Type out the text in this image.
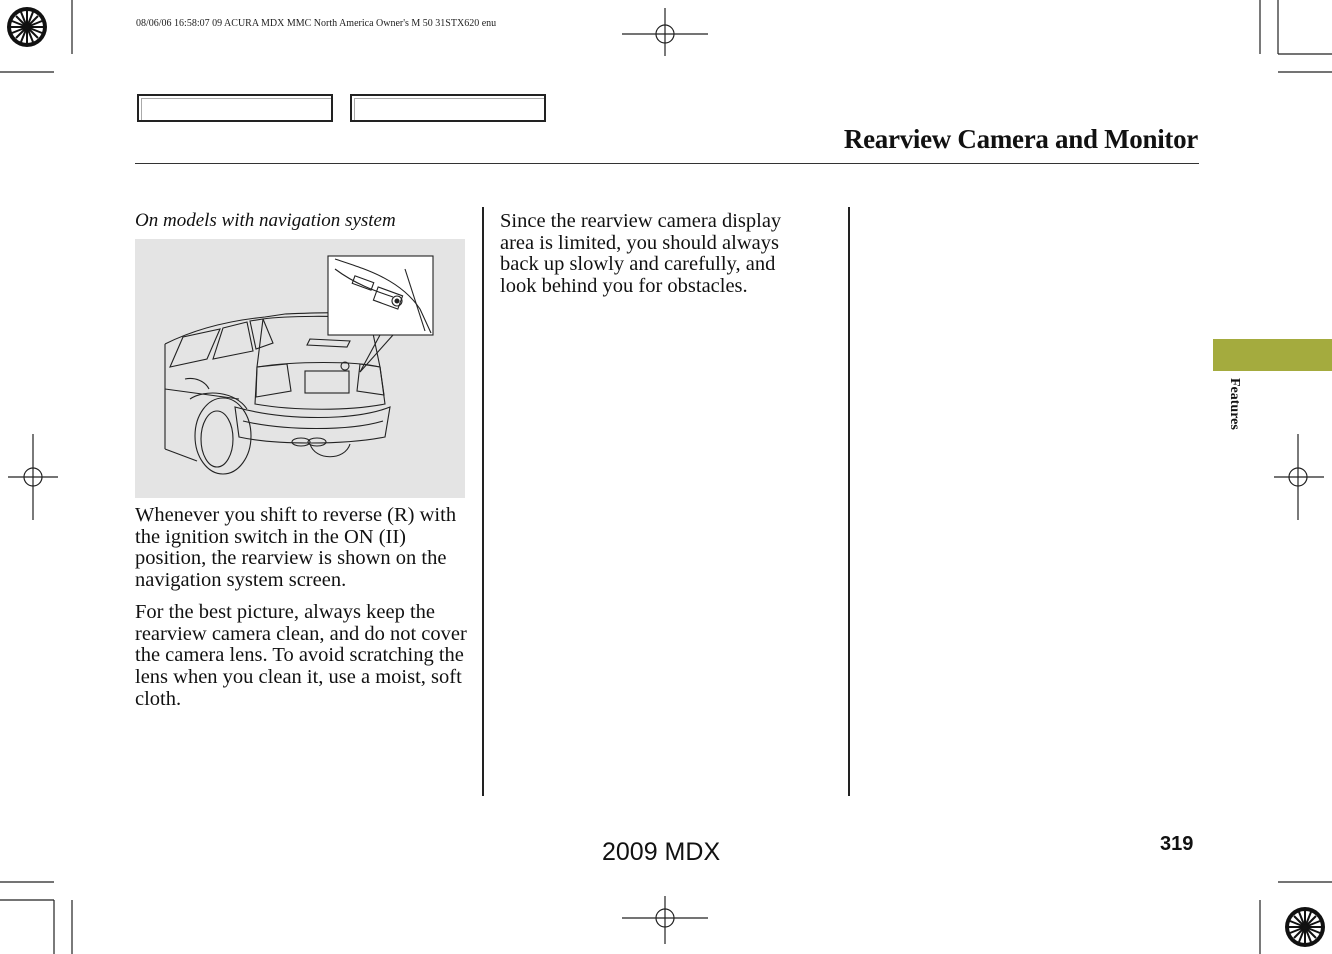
08/06/06 16:58:07 09 ACURA MDX MMC North America Owner's M 50 31STX620 enu
Rearview Camera and Monitor
On models with navigation system

Whenever you shift to reverse (R) with the ignition switch in the ON (II) position, the rearview is shown on the navigation system screen.

For the best picture, always keep the rearview camera clean, and do not cover the camera lens. To avoid scratching the lens when you clean it, use a moist, soft cloth.

Since the rearview camera display area is limited, you should always back up slowly and carefully, and look behind you for obstacles.

Features
319
2009 MDX
